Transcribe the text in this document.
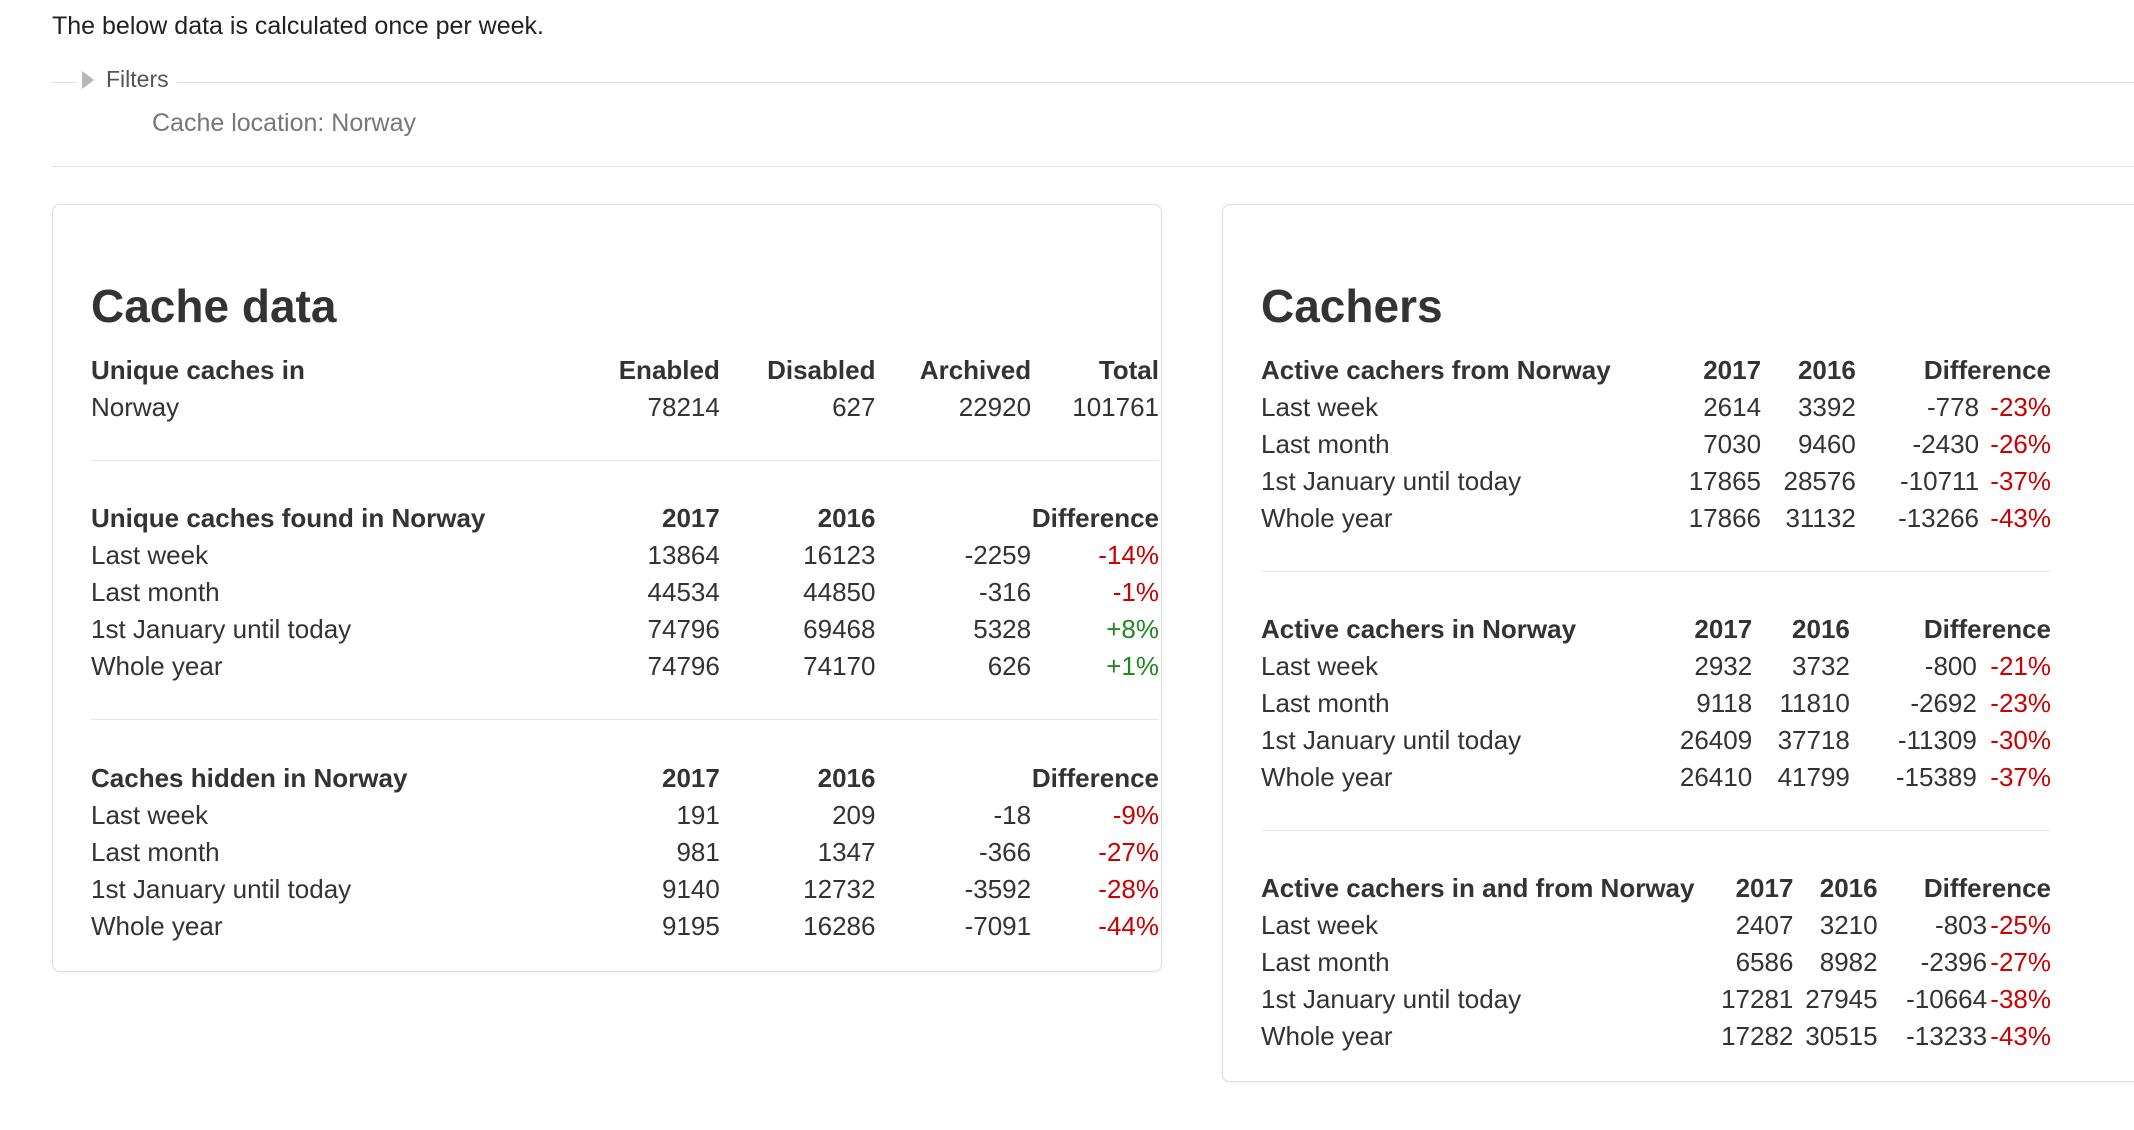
The below data is calculated once per week.
Filters
Cache location: Norway
Cache data
Unique caches in	Enabled	Disabled	Archived	Total
Norway	78214	627	22920	101761
Unique caches found in Norway	2017	2016	Difference	
Last week	13864	16123	-2259	-14%
Last month	44534	44850	-316	-1%
1st January until today	74796	69468	5328	+8%
Whole year	74796	74170	626	+1%
Caches hidden in Norway	2017	2016	Difference	
Last week	191	209	-18	-9%
Last month	981	1347	-366	-27%
1st January until today	9140	12732	-3592	-28%
Whole year	9195	16286	-7091	-44%
Cachers
Active cachers from Norway	2017	2016	Difference	
Last week	2614	3392	-778	-23%
Last month	7030	9460	-2430	-26%
1st January until today	17865	28576	-10711	-37%
Whole year	17866	31132	-13266	-43%
Active cachers in Norway	2017	2016	Difference	
Last week	2932	3732	-800	-21%
Last month	9118	11810	-2692	-23%
1st January until today	26409	37718	-11309	-30%
Whole year	26410	41799	-15389	-37%
Active cachers in and from Norway	2017	2016	Difference	
Last week	2407	3210	-803	-25%
Last month	6586	8982	-2396	-27%
1st January until today	17281	27945	-10664	-38%
Whole year	17282	30515	-13233	-43%
